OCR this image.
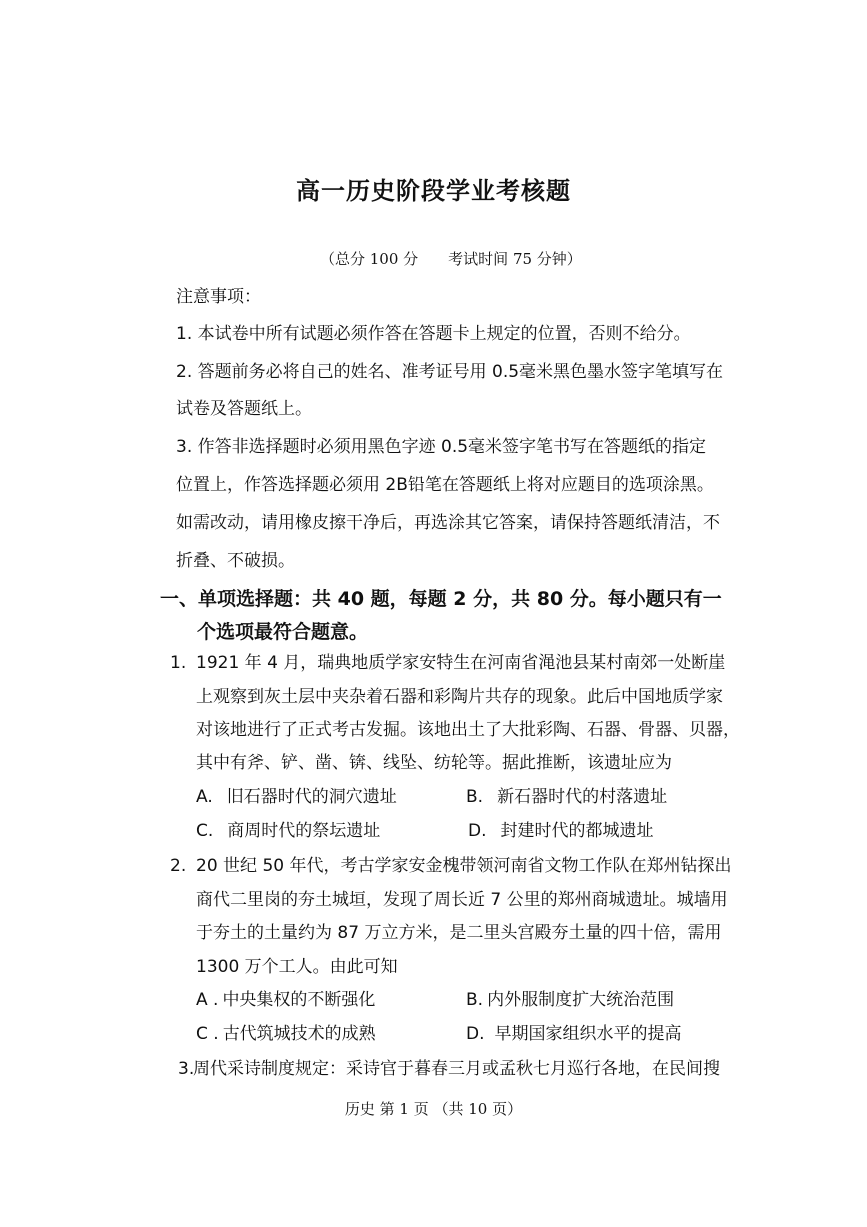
高一历史阶段学业考核题
（总分 100 分 考试时间 75 分钟）
注意事项：
1. 本试卷中所有试题必须作答在答题卡上规定的位置，否则不给分。
2. 答题前务必将自己的姓名、准考证号用 0.5毫米黑色墨水签字笔填写在
试卷及答题纸上。
3. 作答非选择题时必须用黑色字迹 0.5毫米签字笔书写在答题纸的指定
位置上，作答选择题必须用 2B铅笔在答题纸上将对应题目的选项涂黑。
如需改动，请用橡皮擦干净后，再选涂其它答案，请保持答题纸清洁，不
折叠、不破损。
一、单项选择题：共 40 题，每题 2 分，共 80 分。每小题只有一
个选项最符合题意。
1. 1921 年 4 月，瑞典地质学家安特生在河南省渑池县某村南郊一处断崖
上观察到灰土层中夹杂着石器和彩陶片共存的现象。此后中国地质学家
对该地进行了正式考古发掘。该地出土了大批彩陶、石器、骨器、贝器，
其中有斧、铲、凿、锛、线坠、纺轮等。据此推断，该遗址应为
A. 旧石器时代的洞穴遗址	B. 新石器时代的村落遗址
C. 商周时代的祭坛遗址	D. 封建时代的都城遗址
2. 20 世纪 50 年代，考古学家安金槐带领河南省文物工作队在郑州钻探出
商代二里岗的夯土城垣，发现了周长近 7 公里的郑州商城遗址。城墙用
于夯土的土量约为 87 万立方米，是二里头宫殿夯土量的四十倍，需用
1300 万个工人。由此可知
A . 中央集权的不断强化	B. 内外服制度扩大统治范围
C . 古代筑城技术的成熟	D. 早期国家组织水平的提高
3.
周代采诗制度规定：采诗官于暮春三月或孟秋七月巡行各地，在民间搜
历史 第 1 页 （共 10 页）
